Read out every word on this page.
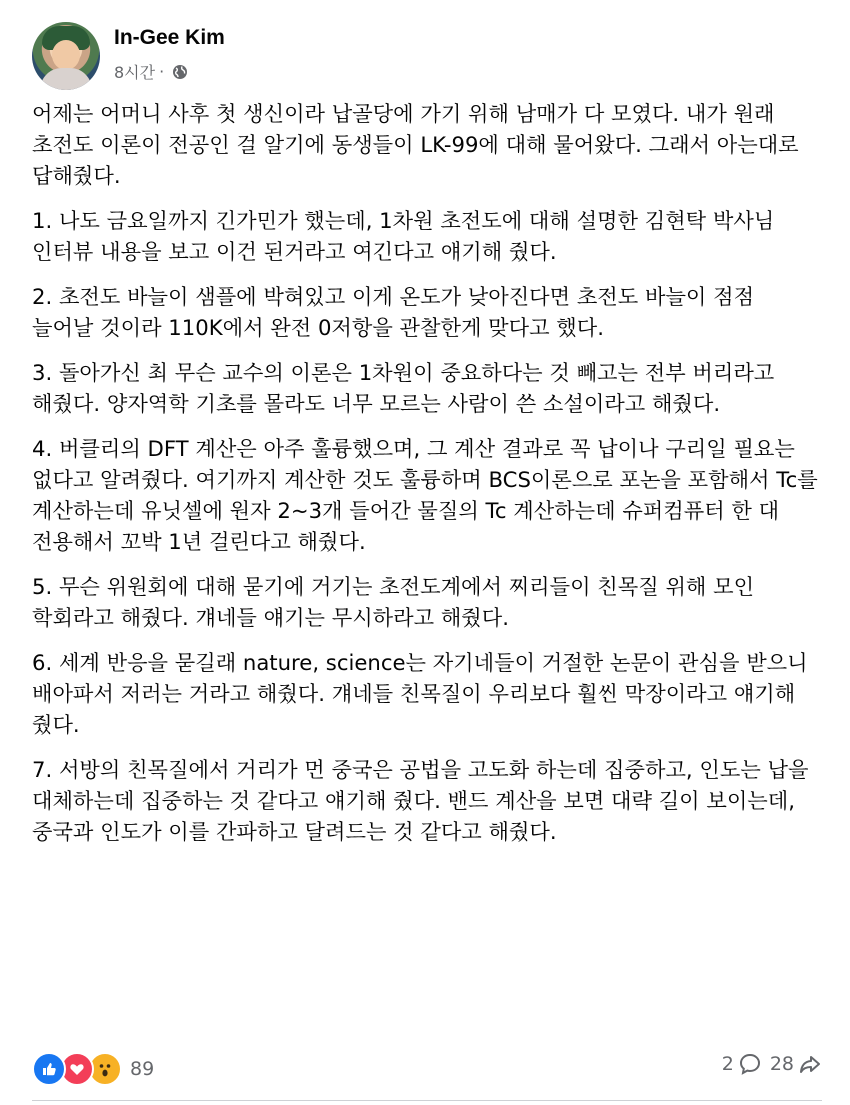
In-Gee Kim
8시간 ·

어제는 어머니 사후 첫 생신이라 납골당에 가기 위해 남매가 다 모였다. 내가 원래 초전도 이론이 전공인 걸 알기에 동생들이 LK-99에 대해 물어왔다. 그래서 아는대로 답해줬다.

1. 나도 금요일까지 긴가민가 했는데, 1차원 초전도에 대해 설명한 김현탁 박사님 인터뷰 내용을 보고 이건 된거라고 여긴다고 얘기해 줬다.

2. 초전도 바늘이 샘플에 박혀있고 이게 온도가 낮아진다면 초전도 바늘이 점점 늘어날 것이라 110K에서 완전 0저항을 관찰한게 맞다고 했다.

3. 돌아가신 최 무슨 교수의 이론은 1차원이 중요하다는 것 빼고는 전부 버리라고 해줬다. 양자역학 기초를 몰라도 너무 모르는 사람이 쓴 소설이라고 해줬다.

4. 버클리의 DFT 계산은 아주 훌륭했으며, 그 계산 결과로 꼭 납이나 구리일 필요는 없다고 알려줬다. 여기까지 계산한 것도 훌륭하며 BCS이론으로 포논을 포함해서 Tc를 계산하는데 유닛셀에 원자 2~3개 들어간 물질의 Tc 계산하는데 슈퍼컴퓨터 한 대 전용해서 꼬박 1년 걸린다고 해줬다.

5. 무슨 위원회에 대해 묻기에 거기는 초전도계에서 찌리들이 친목질 위해 모인 학회라고 해줬다. 걔네들 얘기는 무시하라고 해줬다.

6. 세계 반응을 묻길래 nature, science는 자기네들이 거절한 논문이 관심을 받으니 배아파서 저러는 거라고 해줬다. 걔네들 친목질이 우리보다 훨씬 막장이라고 얘기해 줬다.

7. 서방의 친목질에서 거리가 먼 중국은 공법을 고도화 하는데 집중하고, 인도는 납을 대체하는데 집중하는 것 같다고 얘기해 줬다. 밴드 계산을 보면 대략 길이 보이는데, 중국과 인도가 이를 간파하고 달려드는 것 같다고 해줬다.

89	2 28
